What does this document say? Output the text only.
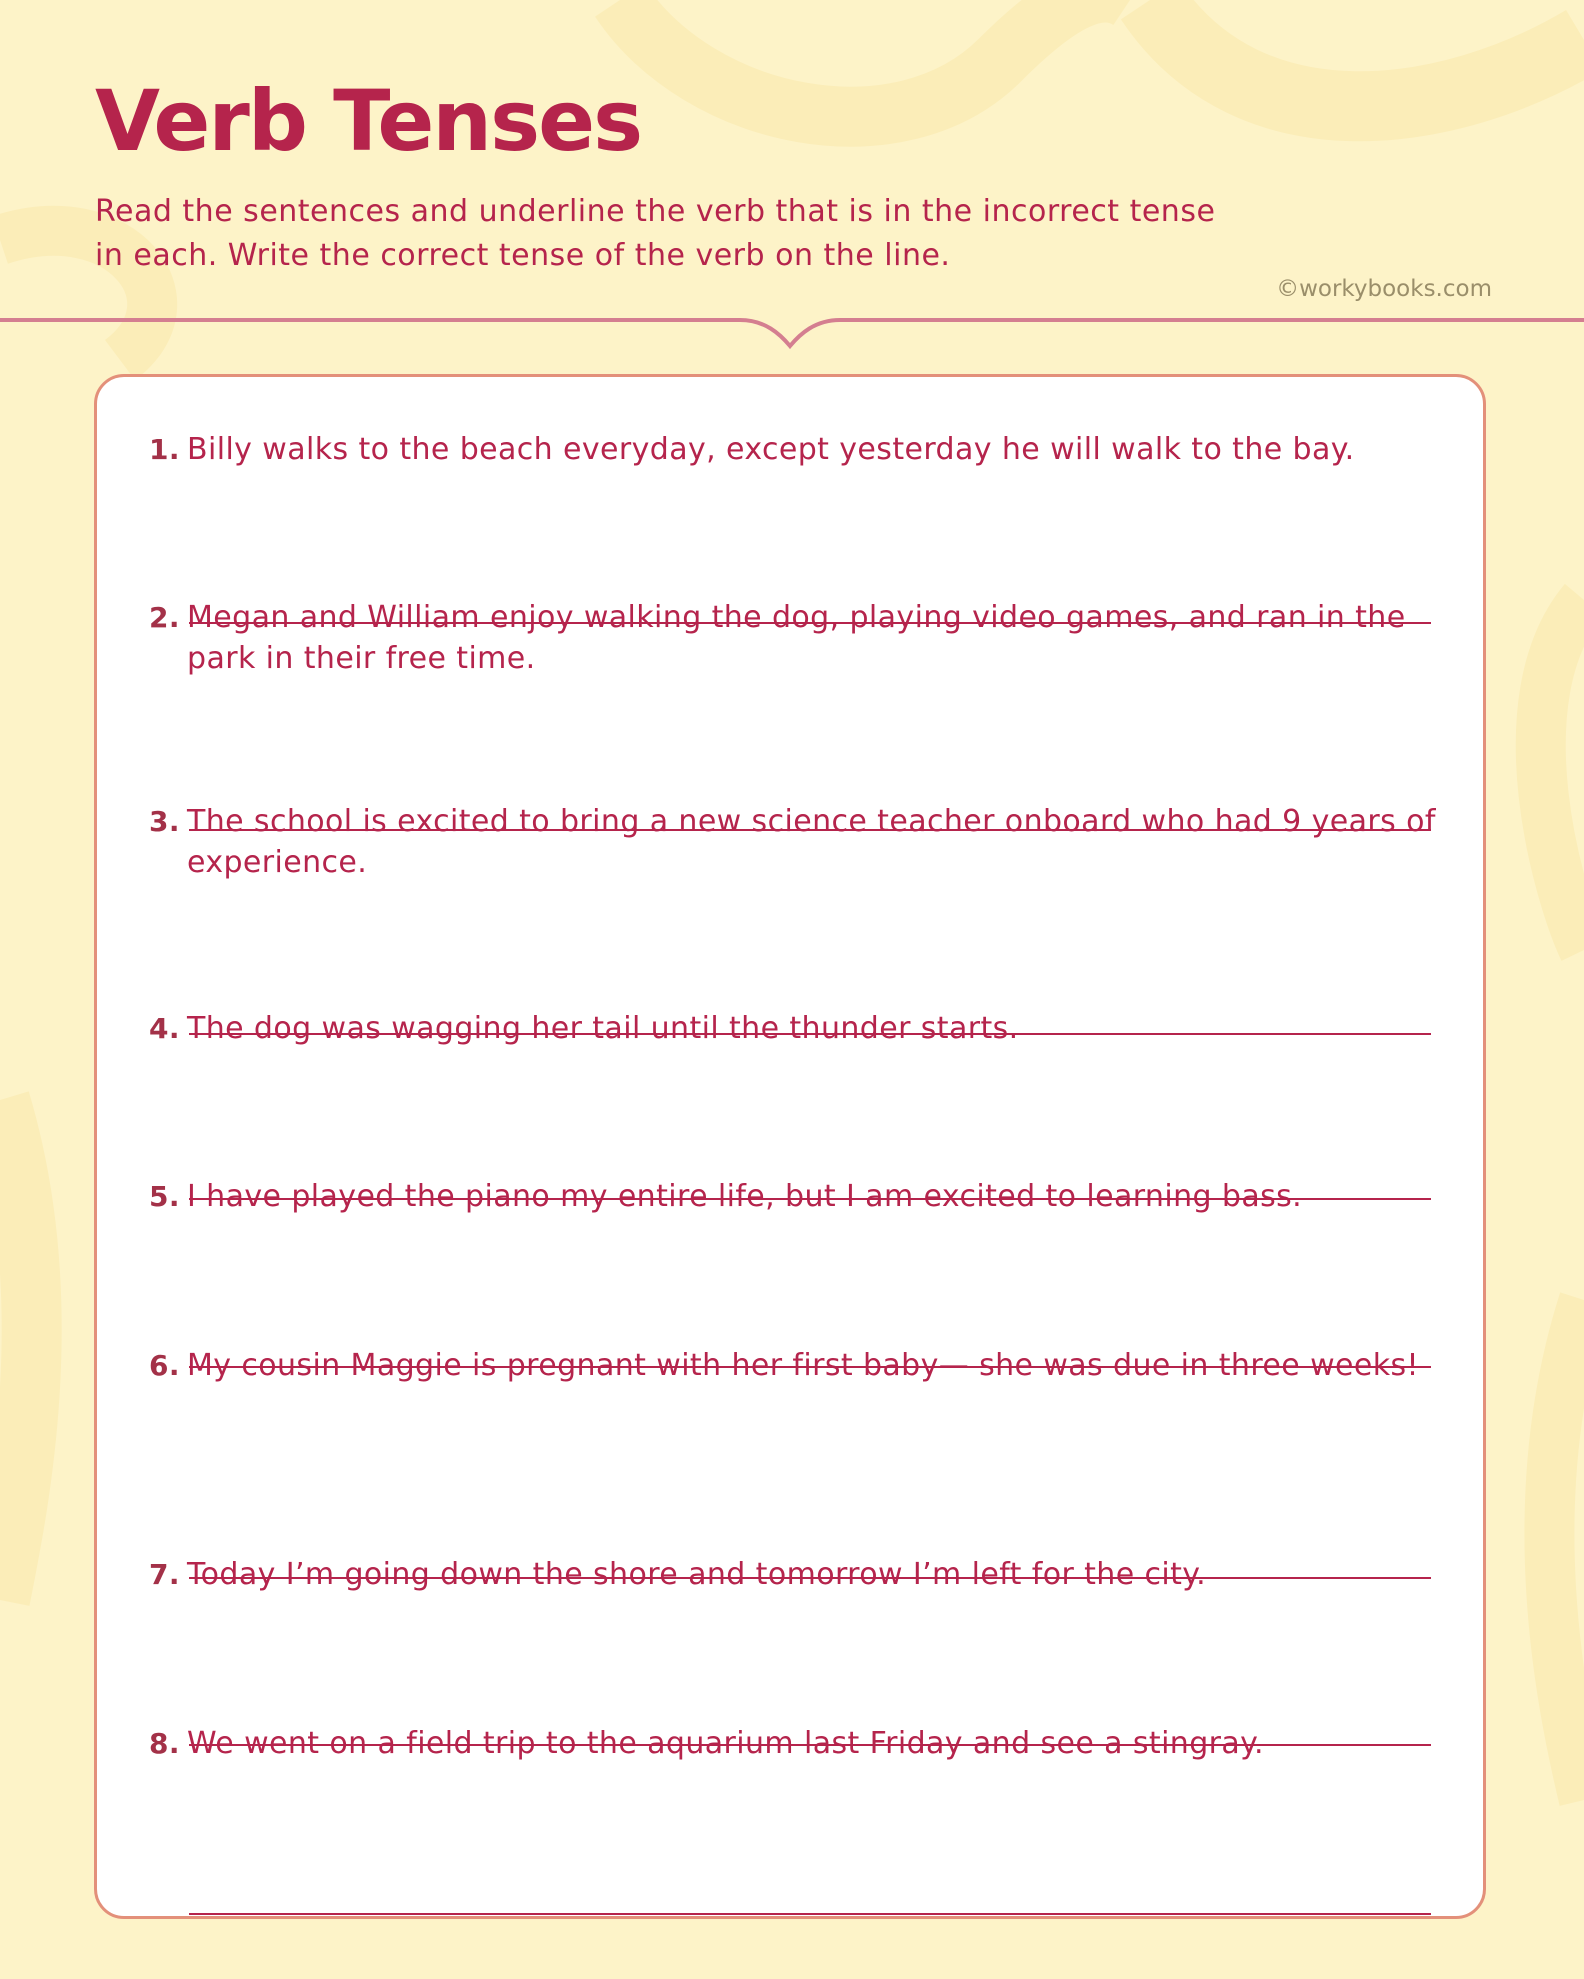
Verb Tenses

Read the sentences and underline the verb that is in the incorrect tense in each. Write the correct tense of the verb on the line.

©workybooks.com

1. Billy walks to the beach everyday, except yesterday he will walk to the bay.

2. Megan and William enjoy walking the dog, playing video games, and ran in the park in their free time.

3. The school is excited to bring a new science teacher onboard who had 9 years of experience.

4. The dog was wagging her tail until the thunder starts.

5. I have played the piano my entire life, but I am excited to learning bass.

6. My cousin Maggie is pregnant with her first baby— she was due in three weeks!

7. Today I’m going down the shore and tomorrow I’m left for the city.

8. We went on a field trip to the aquarium last Friday and see a stingray.
